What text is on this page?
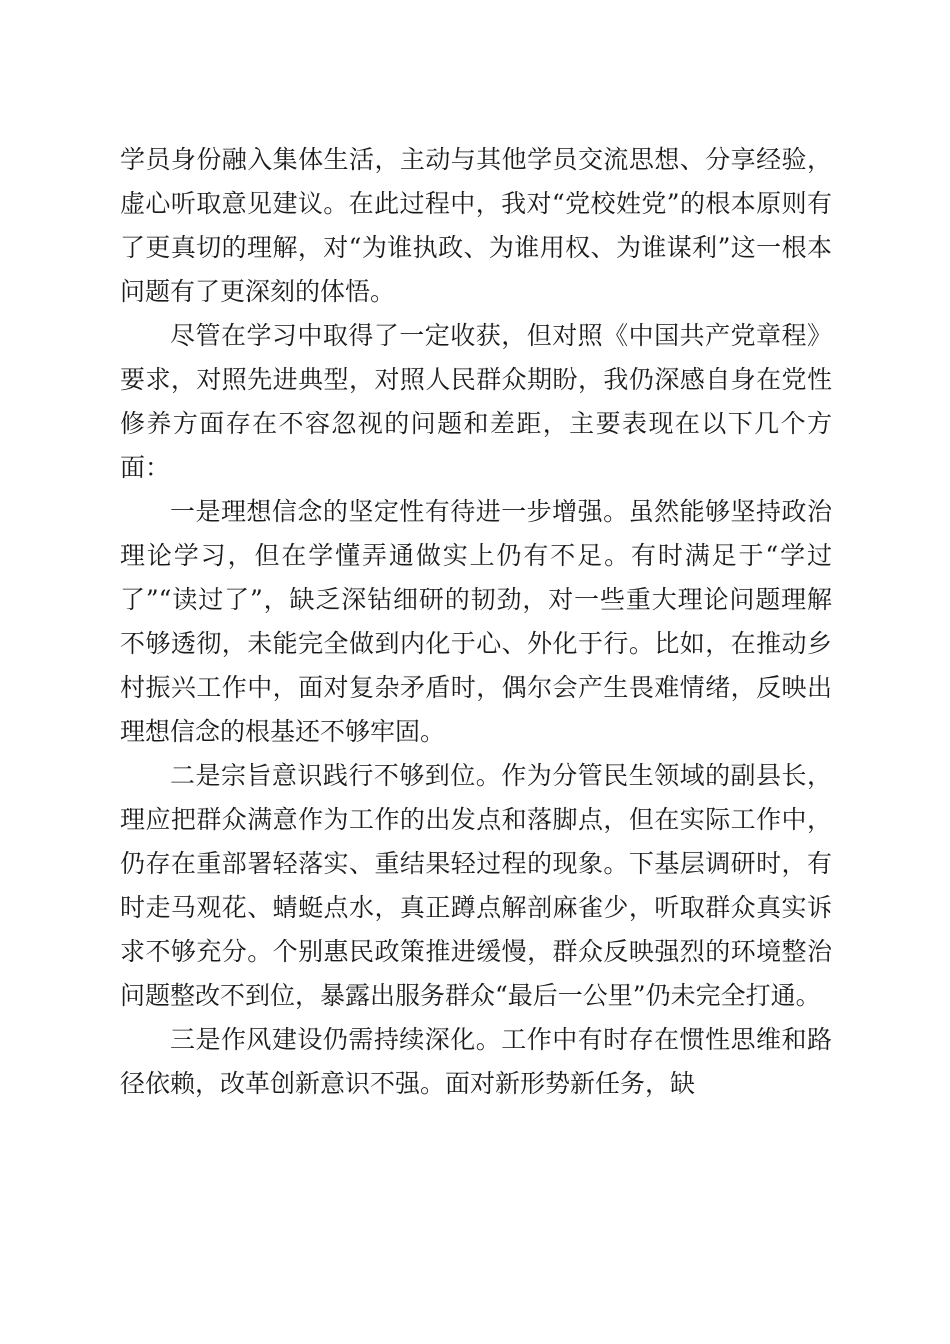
学员身份融入集体生活，主动与其他学员交流思想、分享经验，虚心听取意见建议。在此过程中，我对“党校姓党”的根本原则有了更真切的理解，对“为谁执政、为谁用权、为谁谋利”这一根本问题有了更深刻的体悟。

尽管在学习中取得了一定收获，但对照《中国共产党章程》要求，对照先进典型，对照人民群众期盼，我仍深感自身在党性修养方面存在不容忽视的问题和差距，主要表现在以下几个方面：

一是理想信念的坚定性有待进一步增强。虽然能够坚持政治理论学习，但在学懂弄通做实上仍有不足。有时满足于“学过了”“读过了”，缺乏深钻细研的韧劲，对一些重大理论问题理解不够透彻，未能完全做到内化于心、外化于行。比如，在推动乡村振兴工作中，面对复杂矛盾时，偶尔会产生畏难情绪，反映出理想信念的根基还不够牢固。

二是宗旨意识践行不够到位。作为分管民生领域的副县长，理应把群众满意作为工作的出发点和落脚点，但在实际工作中，仍存在重部署轻落实、重结果轻过程的现象。下基层调研时，有时走马观花、蜻蜓点水，真正蹲点解剖麻雀少，听取群众真实诉求不够充分。个别惠民政策推进缓慢，群众反映强烈的环境整治问题整改不到位，暴露出服务群众“最后一公里”仍未完全打通。

三是作风建设仍需持续深化。工作中有时存在惯性思维和路径依赖，改革创新意识不强。面对新形势新任务，缺
